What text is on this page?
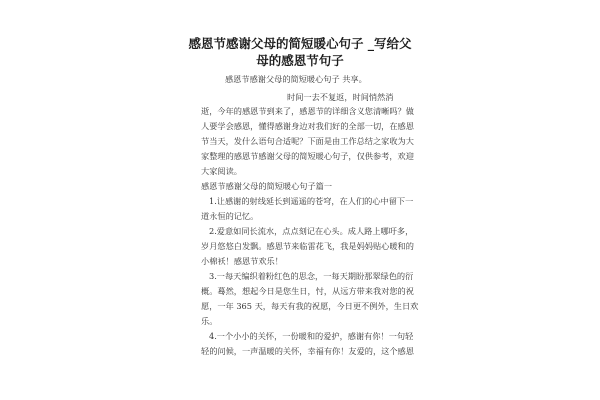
感恩节感谢父母的简短暖心句子 _写给父
母的感恩节句子
感恩节感谢父母的简短暖心句子 共享。
时间一去不复返，时间悄然消
逝，今年的感恩节到来了，感恩节的详细含义您清晰吗？做
人要学会感恩，懂得感谢身边对我们好的全部一切，在感恩
节当天，发什么语句合适呢？下面是由工作总结之家收为大
家整理的感恩节感谢父母的简短暖心句子，仅供参考，欢迎
大家阅读。
感恩节感谢父母的简短暖心句子篇一
1.让感谢的射线延长到遥遥的苍穹，在人们的心中留下一
道永恒的记忆。
2.爱意如同长流水，点点刻记在心头。成人路上哪吁多，
岁月悠悠白发飘。感恩节来临雷花飞，我是妈妈贴心暖和的
小棉袄！感恩节欢乐！
3.一每天编织着粉红色的思念，一每天期盼那翠绿色的衍
概。蓦然，想起今日是您生日，忖，从远方带来我对您的祝
愿，一年 365 天，每天有我的祝愿，今日更不例外，生日欢
乐。
4.一个小小的关怀，一份暖和的爱护，感谢有你！一句轻
轻的问候，一声温暖的关怀，幸福有你！友爱的，这个感恩
